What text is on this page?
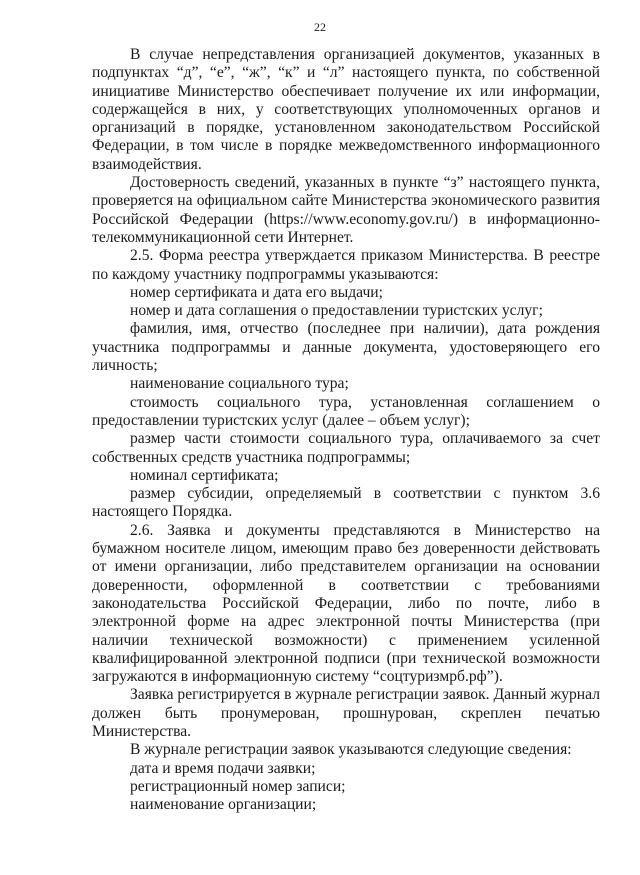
22

В случае непредставления организацией документов, указанных в подпунктах “д”, “е”, “ж”, “к” и “л” настоящего пункта, по собственной инициативе Министерство обеспечивает получение их или информации, содержащейся в них, у соответствующих уполномоченных органов и организаций в порядке, установленном законодательством Российской Федерации, в том числе в порядке межведомственного информационного взаимодействия.

Достоверность сведений, указанных в пункте “з” настоящего пункта, проверяется на официальном сайте Министерства экономического развития Российской Федерации (https://www.economy.gov.ru/) в информационно-телекоммуникационной сети Интернет.

2.5. Форма реестра утверждается приказом Министерства. В реестре по каждому участнику подпрограммы указываются:

номер сертификата и дата его выдачи;

номер и дата соглашения о предоставлении туристских услуг;

фамилия, имя, отчество (последнее при наличии), дата рождения участника подпрограммы и данные документа, удостоверяющего его личность;

наименование социального тура;

стоимость социального тура, установленная соглашением о предоставлении туристских услуг (далее – объем услуг);

размер части стоимости социального тура, оплачиваемого за счет собственных средств участника подпрограммы;

номинал сертификата;

размер субсидии, определяемый в соответствии с пунктом 3.6 настоящего Порядка.

2.6. Заявка и документы представляются в Министерство на бумажном носителе лицом, имеющим право без доверенности действовать от имени организации, либо представителем организации на основании доверенности, оформленной в соответствии с требованиями законодательства Российской Федерации, либо по почте, либо в электронной форме на адрес электронной почты Министерства (при наличии технической возможности) с применением усиленной квалифицированной электронной подписи (при технической возможности загружаются в информационную систему “соцтуризмрб.рф”).

Заявка регистрируется в журнале регистрации заявок. Данный журнал должен быть пронумерован, прошнурован, скреплен печатью Министерства.

В журнале регистрации заявок указываются следующие сведения:

дата и время подачи заявки;

регистрационный номер записи;

наименование организации;
